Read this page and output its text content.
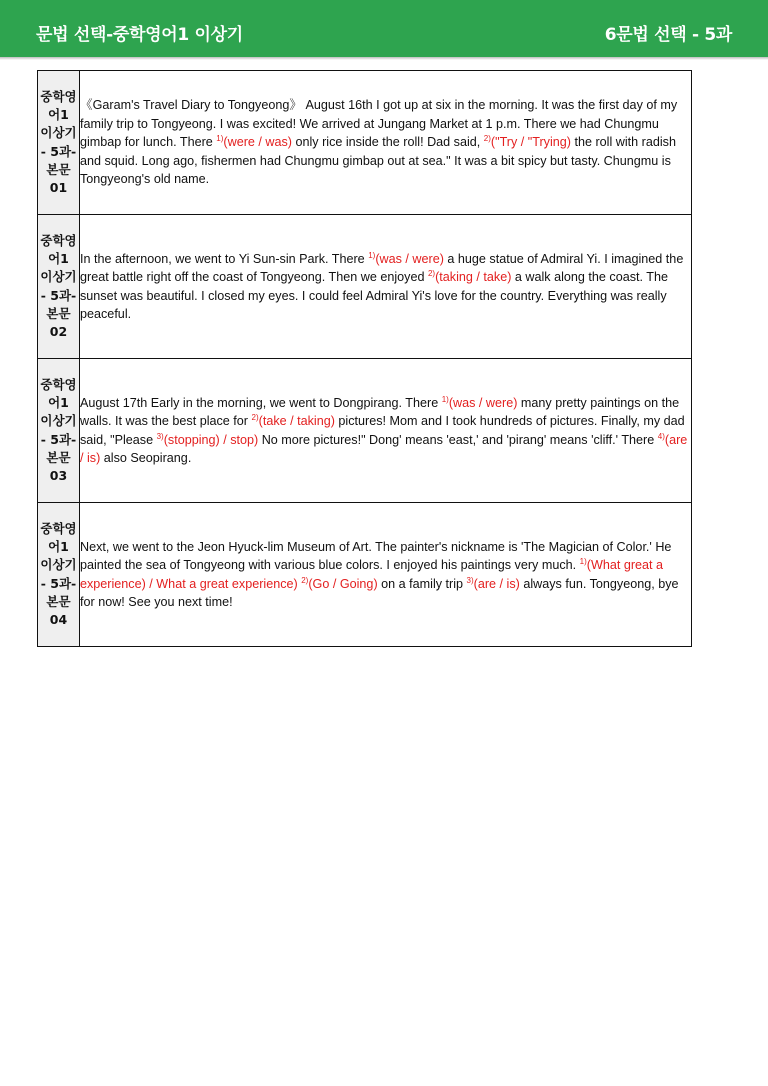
문법 선택-중학영어1 이상기	6문법 선택 - 5과
중학영어1 이상기 - 5과-본문 01	《Garam's Travel Diary to Tongyeong》 August 16th I got up at six in the morning. It was the first day of my family trip to Tongyeong. I was excited! We arrived at Jungang Market at 1 p.m. There we had Chungmu gimbap for lunch. There $^{1)}$(were / was) only rice inside the roll! Dad said, $^{2)}$("Try / "Trying) the roll with radish and squid. Long ago, fishermen had Chungmu gimbap out at sea." It was a bit spicy but tasty. Chungmu is Tongyeong's old name.

중학영어1 이상기 - 5과-본문 02	In the afternoon, we went to Yi Sun-sin Park. There $^{1)}$(was / were) a huge statue of Admiral Yi. I imagined the great battle right off the coast of Tongyeong. Then we enjoyed $^{2)}$(taking / take) a walk along the coast. The sunset was beautiful. I closed my eyes. I could feel Admiral Yi's love for the country. Everything was really peaceful.

중학영어1 이상기 - 5과-본문 03	August 17th Early in the morning, we went to Dongpirang. There $^{1)}$(was / were) many pretty paintings on the walls. It was the best place for $^{2)}$(take / taking) pictures! Mom and I took hundreds of pictures. Finally, my dad said, "Please $^{3)}$(stopping) / stop) No more pictures!" Dong' means 'east,' and 'pirang' means 'cliff.' There $^{4)}$(are / is) also Seopirang.

중학영어1 이상기 - 5과-본문 04	Next, we went to the Jeon Hyuck-lim Museum of Art. The painter's nickname is 'The Magician of Color.' He painted the sea of Tongyeong with various blue colors. I enjoyed his paintings very much. $^{1)}$(What great a experience) / What a great experience) $^{2)}$(Go / Going) on a family trip $^{3)}$(are / is) always fun. Tongyeong, bye for now! See you next time!
